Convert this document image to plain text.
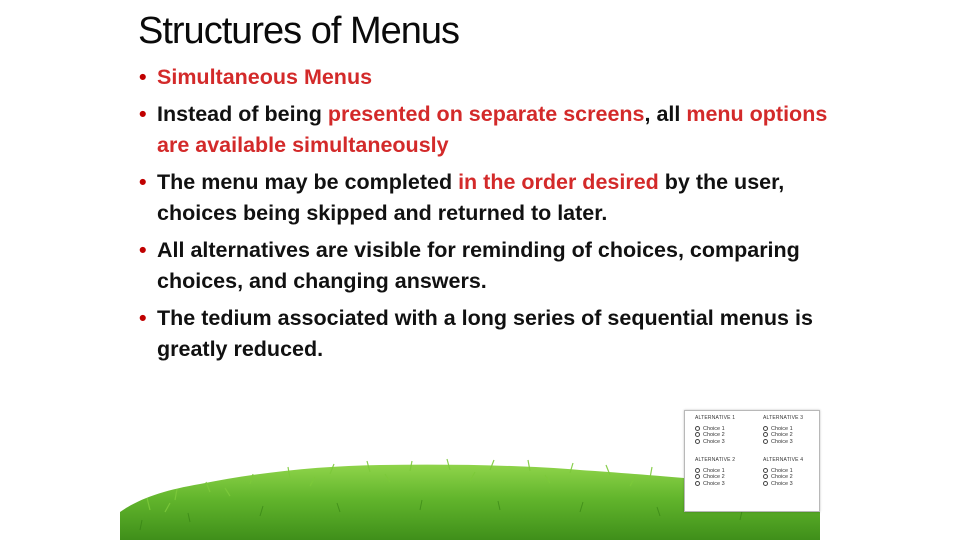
Structures of Menus
• Simultaneous Menus
• Instead of being presented on separate screens, all menu options are available simultaneously
• The menu may be completed in the order desired by the user, choices being skipped and returned to later.
• All alternatives are visible for reminding of choices, comparing choices, and changing answers.
• The tedium associated with a long series of sequential menus is greatly reduced.
ALTERNATIVE 1
Choice 1
Choice 2
Choice 3
ALTERNATIVE 3
Choice 1
Choice 2
Choice 3
ALTERNATIVE 2
Choice 1
Choice 2
Choice 3
ALTERNATIVE 4
Choice 1
Choice 2
Choice 3
